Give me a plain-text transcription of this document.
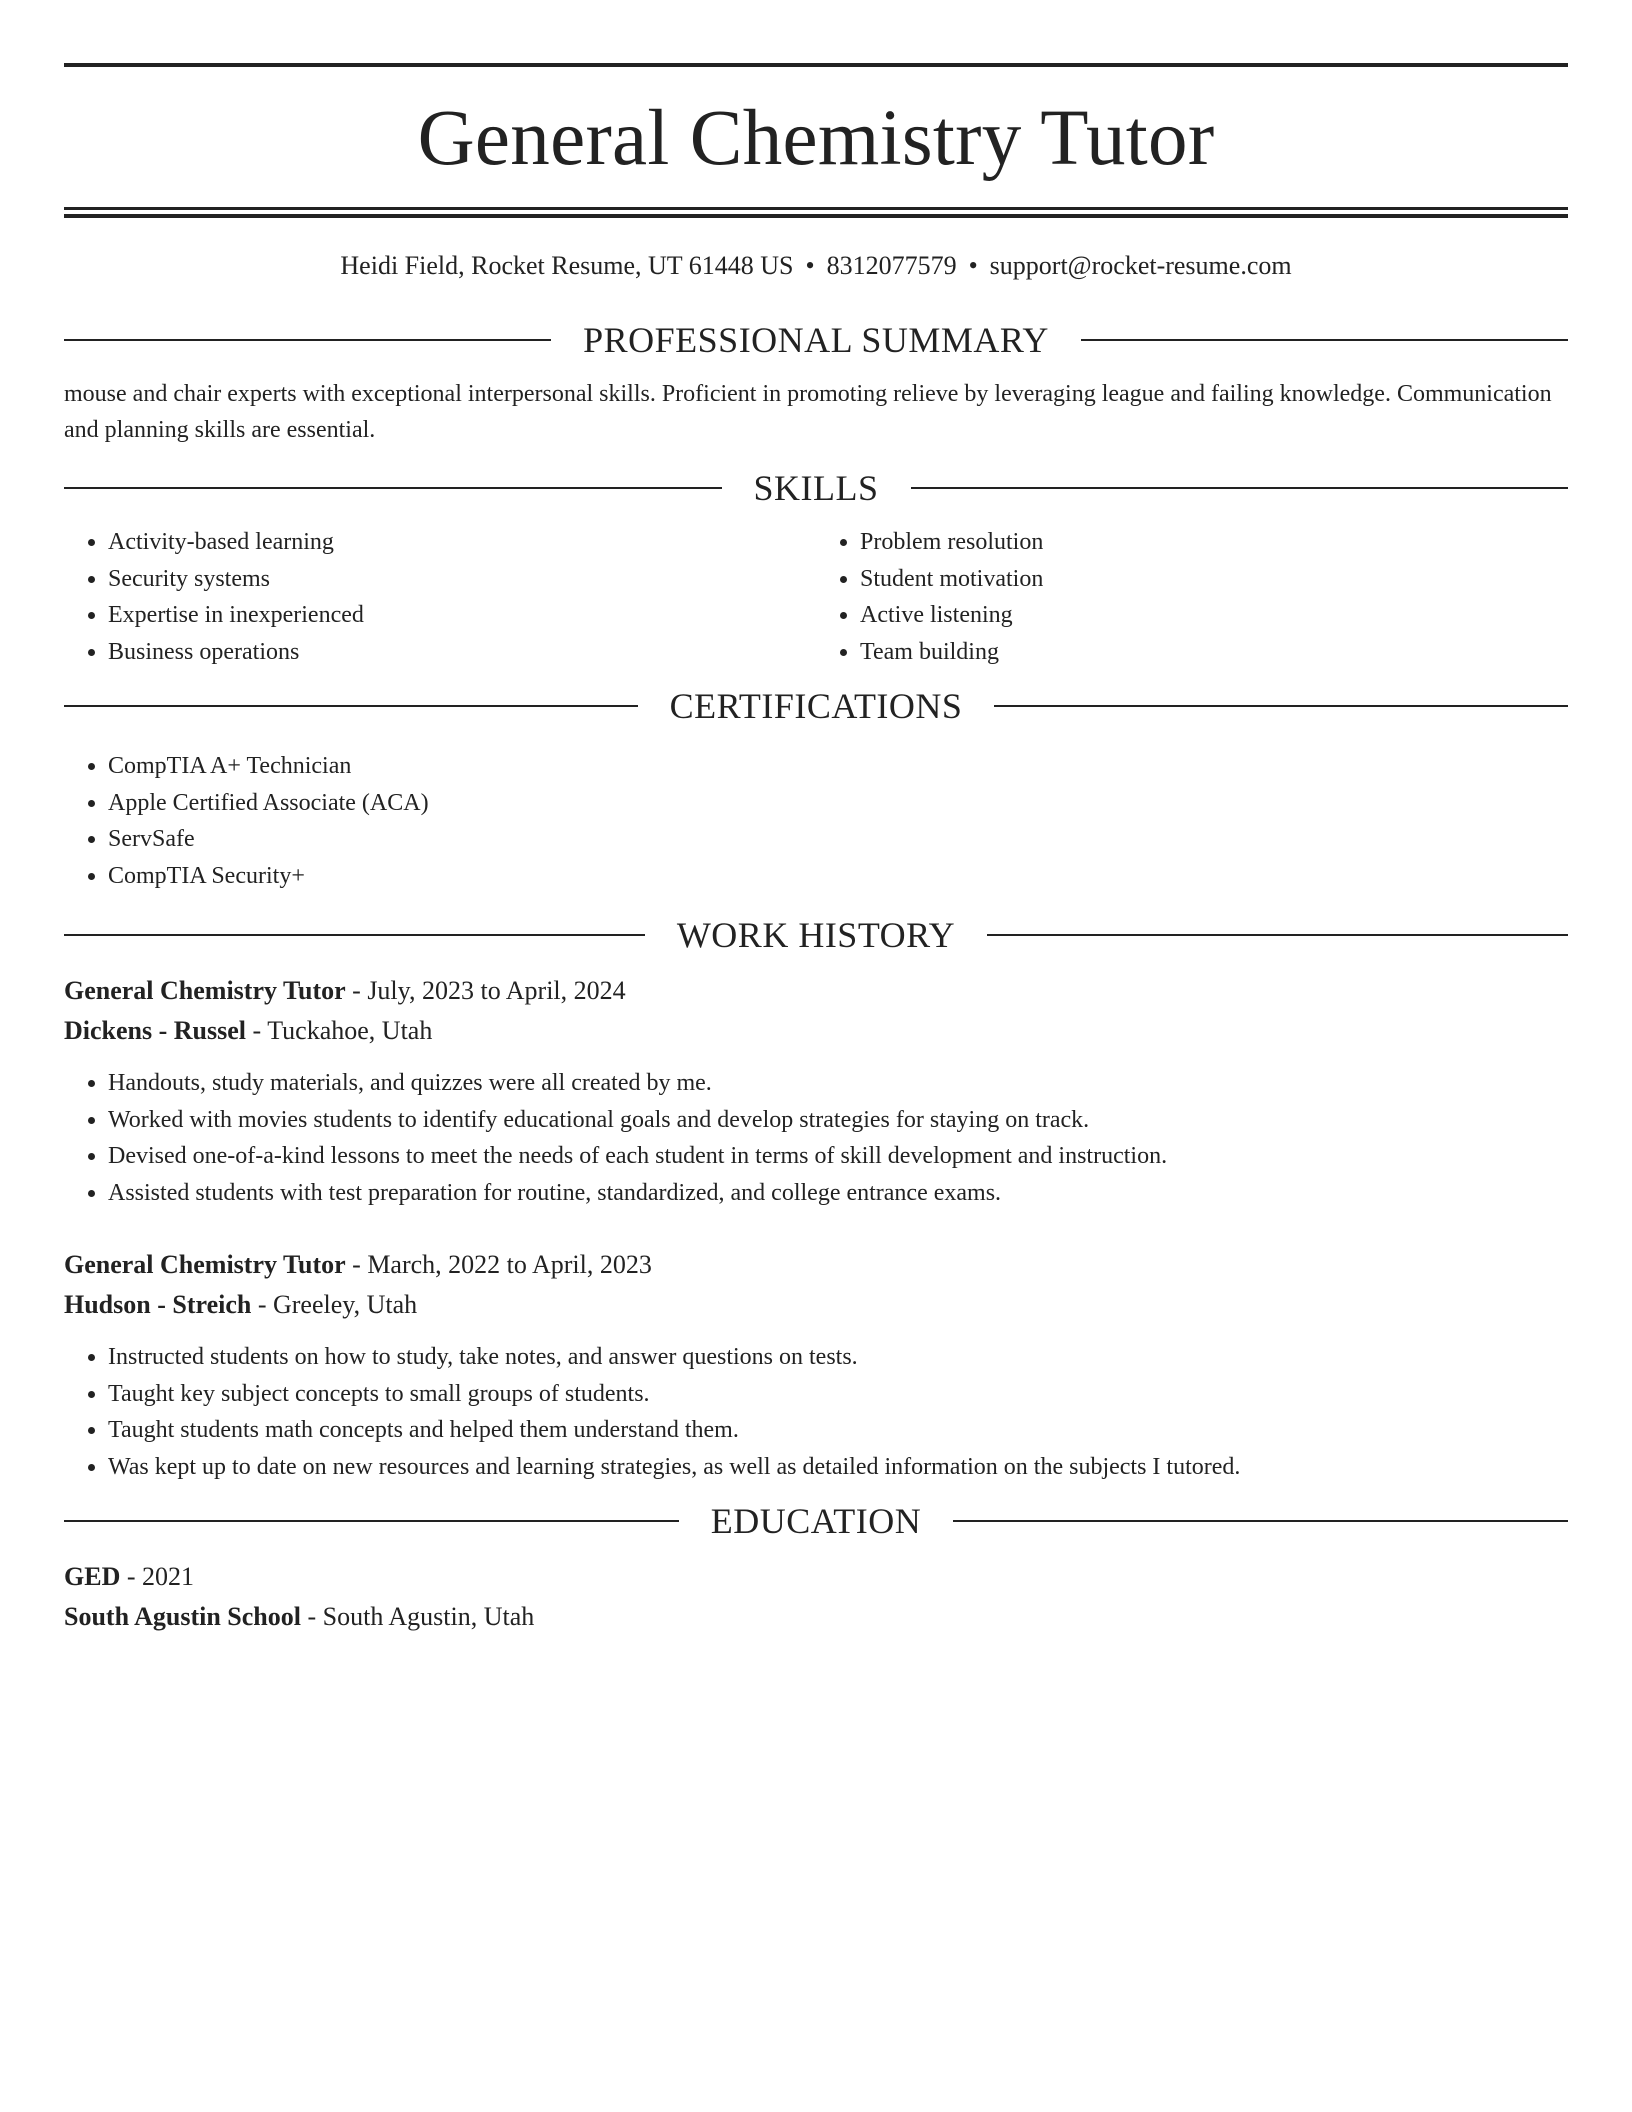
General Chemistry Tutor
Heidi Field, Rocket Resume, UT 61448 US • 8312077579 • support@rocket-resume.com
PROFESSIONAL SUMMARY

mouse and chair experts with exceptional interpersonal skills. Proficient in promoting relieve by leveraging league and failing knowledge. Communication and planning skills are essential.

SKILLS
• Activity-based learning
• Security systems
• Expertise in inexperienced
• Business operations
• Problem resolution
• Student motivation
• Active listening
• Team building
CERTIFICATIONS
• CompTIA A+ Technician
• Apple Certified Associate (ACA)
• ServSafe
• CompTIA Security+
WORK HISTORY
General Chemistry Tutor - July, 2023 to April, 2024
Dickens - Russel - Tuckahoe, Utah
• Handouts, study materials, and quizzes were all created by me.
• Worked with movies students to identify educational goals and develop strategies for staying on track.
• Devised one-of-a-kind lessons to meet the needs of each student in terms of skill development and instruction.
• Assisted students with test preparation for routine, standardized, and college entrance exams.
General Chemistry Tutor - March, 2022 to April, 2023
Hudson - Streich - Greeley, Utah
• Instructed students on how to study, take notes, and answer questions on tests.
• Taught key subject concepts to small groups of students.
• Taught students math concepts and helped them understand them.
• Was kept up to date on new resources and learning strategies, as well as detailed information on the subjects I tutored.
EDUCATION
GED - 2021
South Agustin School - South Agustin, Utah
